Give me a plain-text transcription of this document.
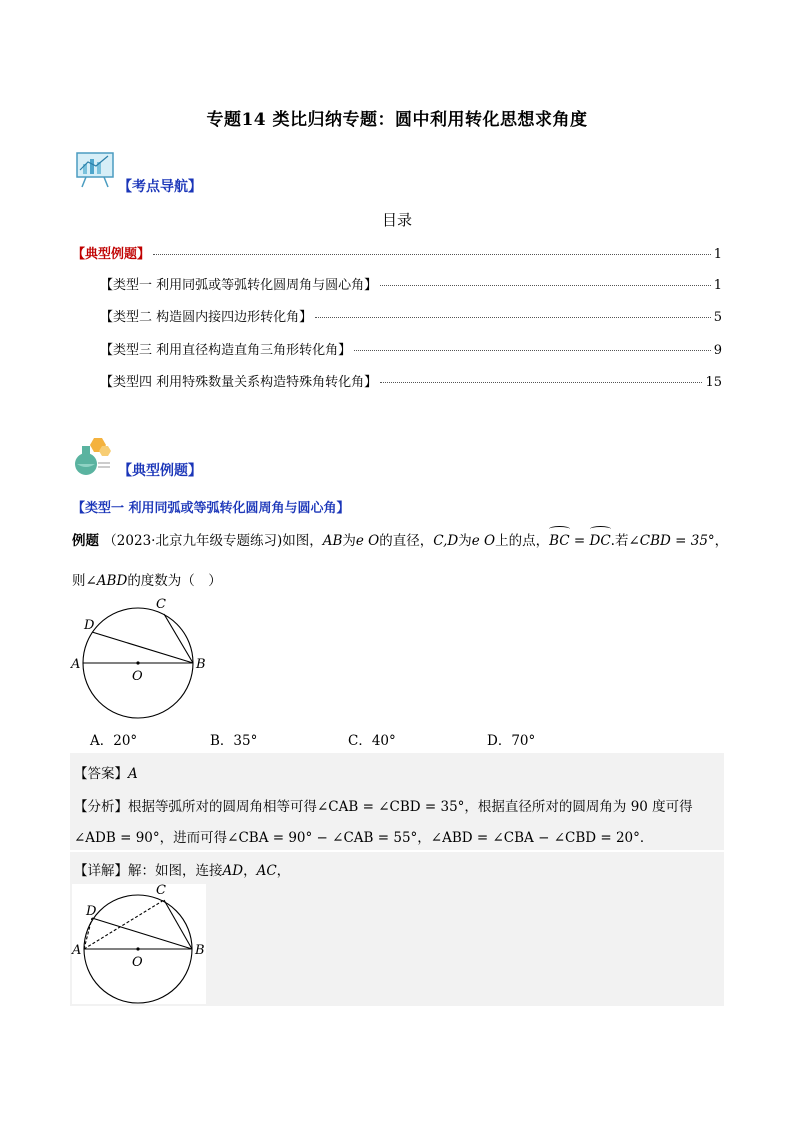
专题14 类比归纳专题：圆中利用转化思想求角度
【考点导航】
目录
【典型例题】	1
【类型一 利用同弧或等弧转化圆周角与圆心角】	1
【类型二 构造圆内接四边形转化角】	5
【类型三 利用直径构造直角三角形转化角】	9
【类型四 利用特殊数量关系构造特殊角转化角】	15
【典型例题】
【类型一 利用同弧或等弧转化圆周角与圆心角】
例题 （2023·北京九年级专题练习)如图，AB为e O的直径，C,D为e O上的点，BC = DC.若∠CBD = 35°，
则∠ABD的度数为（　）
A	B
C
D
O
A．20°	B．35°	C．40°	D．70°
【答案】A
【分析】根据等弧所对的圆周角相等可得∠CAB = ∠CBD = 35°，根据直径所对的圆周角为 90 度可得
∠ADB = 90°，进而可得∠CBA = 90° − ∠CAB = 55°，∠ABD = ∠CBA − ∠CBD = 20°．
【详解】解：如图，连接AD，AC，
A	B
C
D
O
